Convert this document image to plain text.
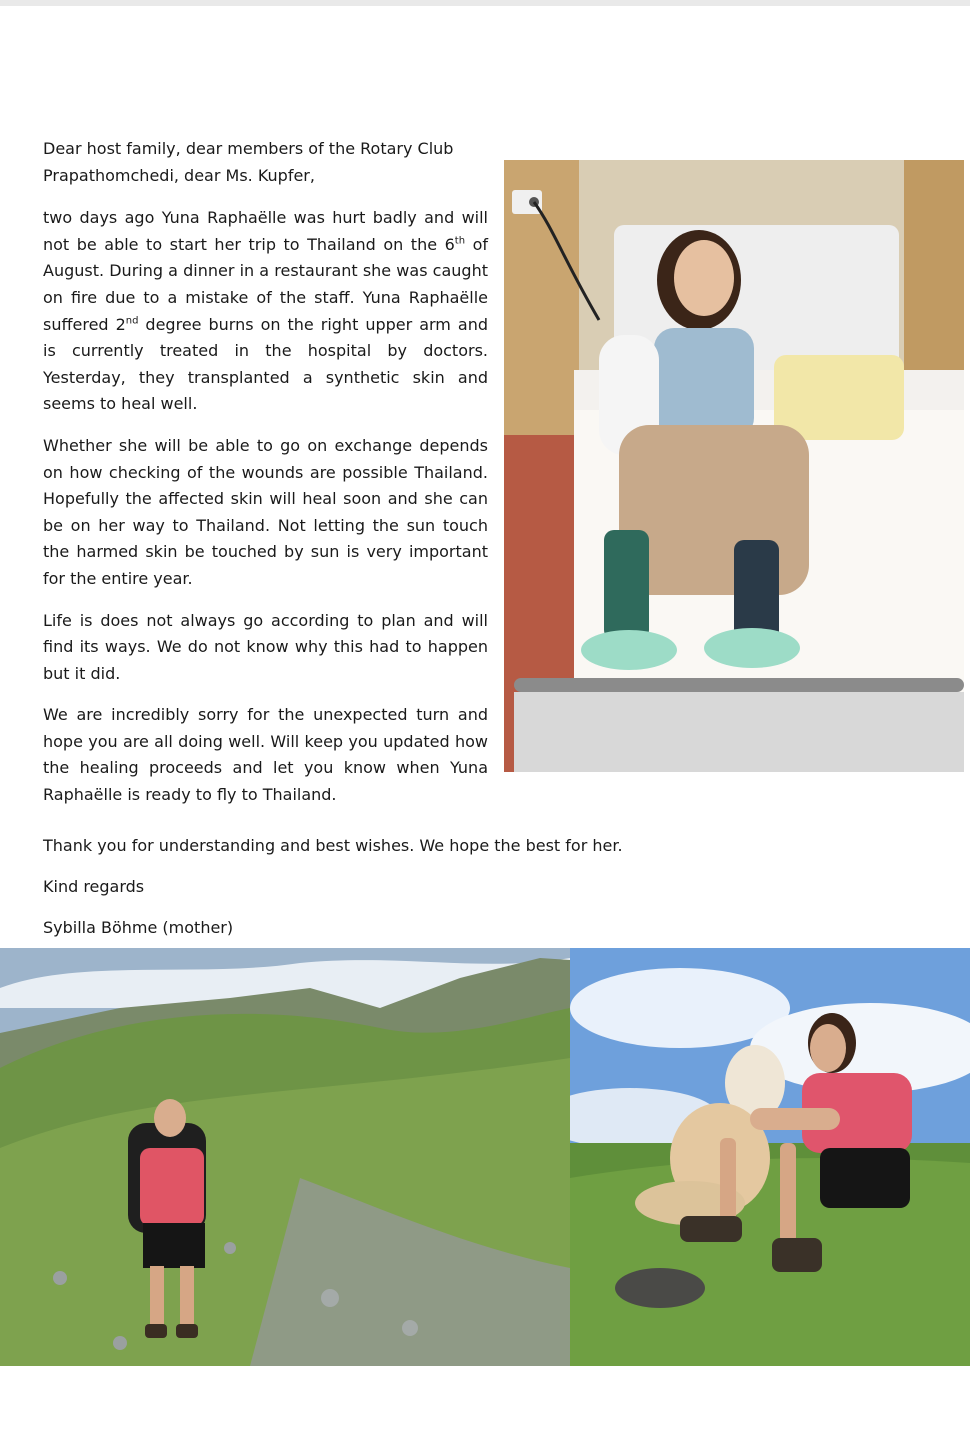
Dear host family, dear members of the Rotary Club Prapathomchedi, dear Ms. Kupfer,

two days ago Yuna Raphaëlle was hurt badly and will not be able to start her trip to Thailand on the 6th of August. During a dinner in a restaurant she was caught on fire due to a mistake of the staff. Yuna Raphaëlle suffered 2nd degree burns on the right upper arm and is currently treated in the hospital by doctors. Yesterday, they transplanted a synthetic skin and seems to heal well.

Whether she will be able to go on exchange depends on how checking of the wounds are possible Thailand. Hopefully the affected skin will heal soon and she can be on her way to Thailand. Not letting the sun touch the harmed skin be touched by sun is very important for the entire year.

Life is does not always go according to plan and will find its ways. We do not know why this had to happen but it did.

We are incredibly sorry for the unexpected turn and hope you are all doing well. Will keep you updated how the healing proceeds and let you know when Yuna Raphaëlle is ready to fly to Thailand.

Thank you for understanding and best wishes. We hope the best for her.
Kind regards
Sybilla Böhme (mother)
